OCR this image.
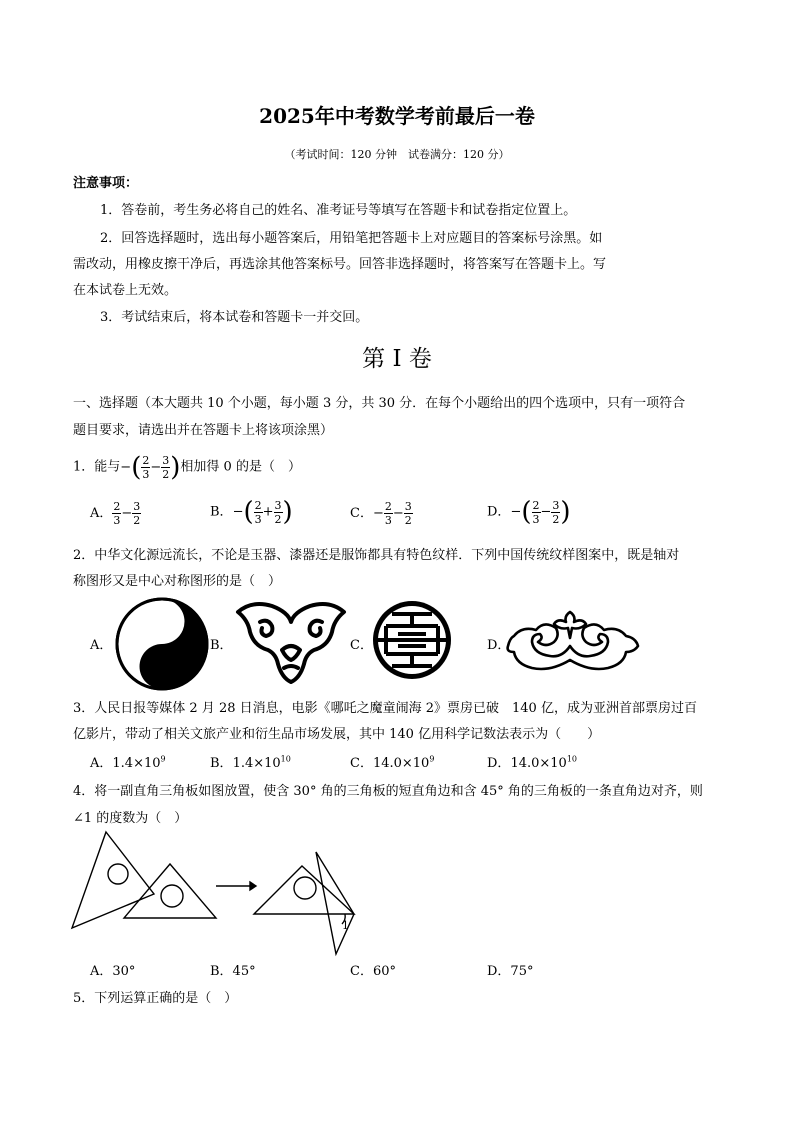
2025年中考数学考前最后一卷
（考试时间：120 分钟　试卷满分：120 分）
注意事项：
1．答卷前，考生务必将自己的姓名、准考证号等填写在答题卡和试卷指定位置上。
2．回答选择题时，选出每小题答案后，用铅笔把答题卡上对应题目的答案标号涂黑。如
需改动，用橡皮擦干净后，再选涂其他答案标号。回答非选择题时，将答案写在答题卡上。写
在本试卷上无效。
3．考试结束后，将本试卷和答题卡一并交回。
第 I 卷
一、选择题（本大题共 10 个小题，每小题 3 分，共 30 分．在每个小题给出的四个选项中，只有一项符合
题目要求，请选出并在答题卡上将该项涂黑）
1．能与−( $\frac{2}{3} - \frac{3}{2}$ )相加得 0 的是（　）
A． $\frac{2}{3} - \frac{3}{2}$	B．−( $\frac{2}{3} + \frac{3}{2}$ )	C．− $\frac{2}{3} - \frac{3}{2}$	D．−( $\frac{2}{3} - \frac{3}{2}$ )
2．中华文化源远流长，不论是玉器、漆器还是服饰都具有特色纹样．下列中国传统纹样图案中，既是轴对
称图形又是中心对称图形的是（　）
A．	B．	C．	D．
3．人民日报等媒体 2 月 28 日消息，电影《哪吒之魔童闹海 2》票房已破　140 亿，成为亚洲首部票房过百
亿影片，带动了相关文旅产业和衍生品市场发展，其中 140 亿用科学记数法表示为（　　）
A．$1.4\times 10^9$	B．$1.4\times 10^{10}$	C．$14.0\times 10^9$	D．$14.0\times 10^{10}$
4．将一副直角三角板如图放置，使含 30° 角的三角板的短直角边和含 45° 角的三角板的一条直角边对齐，则
∠1 的度数为（　）
1
A．30°	B．45°	C．60°	D．75°
5．下列运算正确的是（　）
